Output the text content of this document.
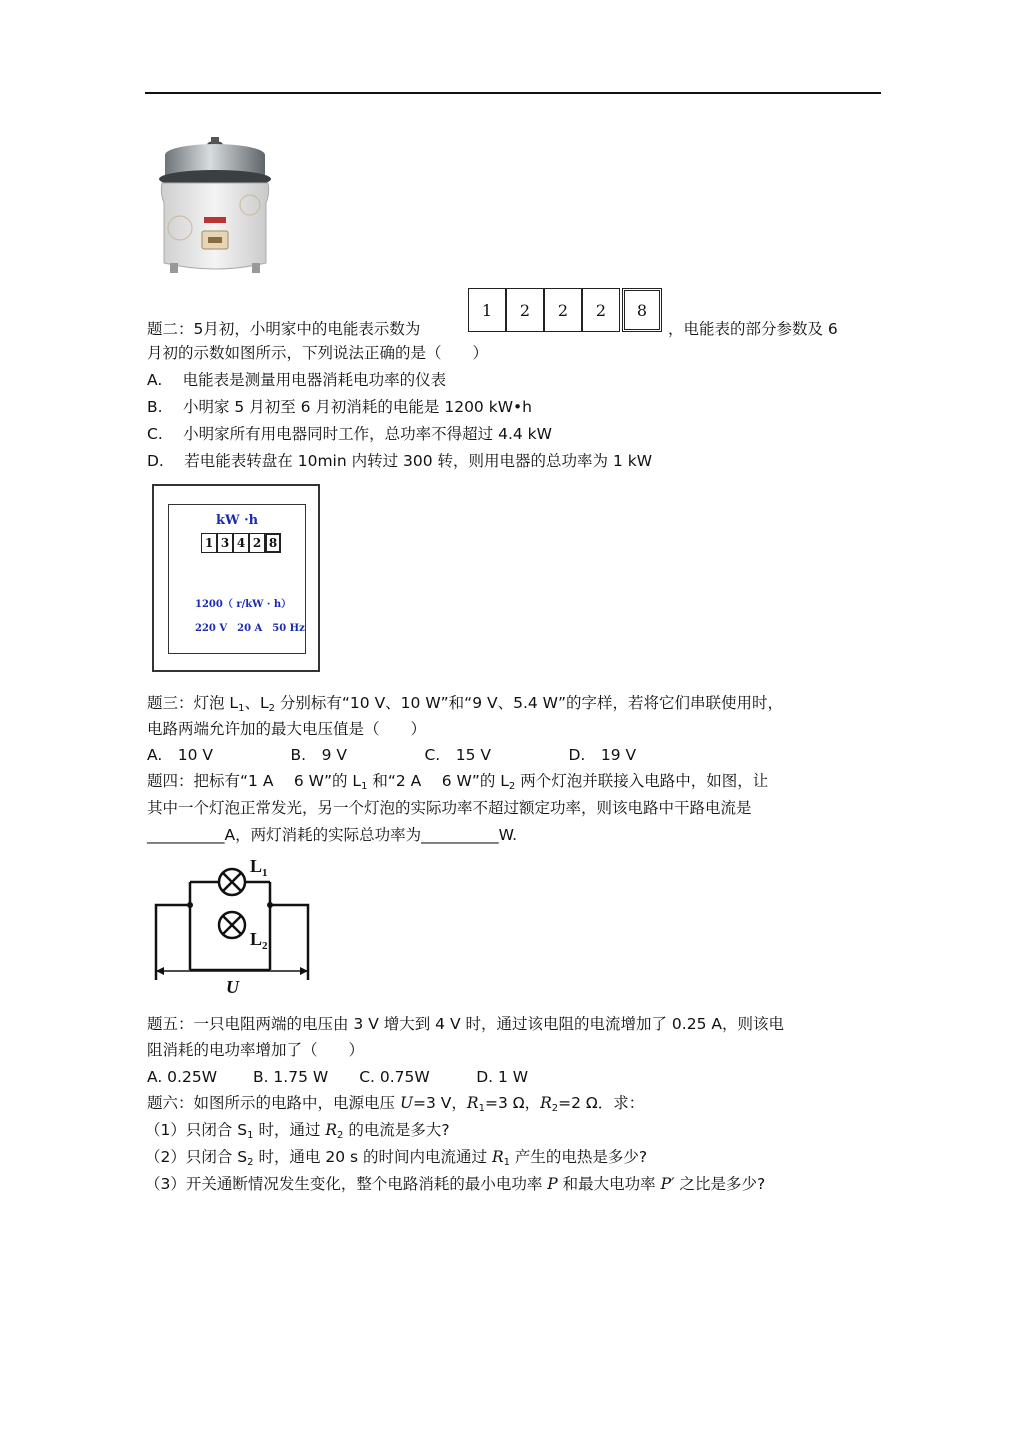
题二：5月初，小明家中的电能表示数为
1	2	2	2	8
，电能表的部分参数及 6
月初的示数如图所示，下列说法正确的是（　　）
A.　 电能表是测量用电器消耗电功率的仪表
B.　 小明家 5 月初至 6 月初消耗的电能是 1200 kW•h
C.　 小明家所有用电器同时工作，总功率不得超过 4.4 kW
D.　 若电能表转盘在 10min 内转过 300 转，则用电器的总功率为 1 kW
kW ·h
1 3 4 2 8
1200（ r/kW · h）
220 V　20 A　50 Hz
题三：灯泡 $L_1$、$L_2$ 分别标有“10 V、10 W”和“9 V、5.4 W”的字样，若将它们串联使用时，
电路两端允许加的最大电压值是（　　）
A.　10 V　　　　　B.　9 V　　　　　C.　15 V　　　　　D.　19 V
题四：把标有“1 A　 6 W”的 $L_1$ 和“2 A　 6 W”的 $L_2$ 两个灯泡并联接入电路中，如图，让
其中一个灯泡正常发光，另一个灯泡的实际功率不超过额定功率，则该电路中干路电流是
__________A，两灯消耗的实际总功率为__________W.
$L_1$
$L_2$
U
题五：一只电阻两端的电压由 3 V 增大到 4 V 时，通过该电阻的电流增加了 0.25 A，则该电
阻消耗的电功率增加了（　　）
A. 0.25W　　 B. 1.75 W　　C. 0.75W　　　D. 1 W
题六：如图所示的电路中，电源电压 U=3 V，$R_1=3$ Ω，$R_2=2$ Ω．求：
（1）只闭合 $S_1$ 时，通过 $R_2$ 的电流是多大?
（2）只闭合 $S_2$ 时，通电 20 s 的时间内电流通过 $R_1$ 产生的电热是多少?
（3）开关通断情况发生变化，整个电路消耗的最小电功率 P 和最大电功率 P′ 之比是多少?
